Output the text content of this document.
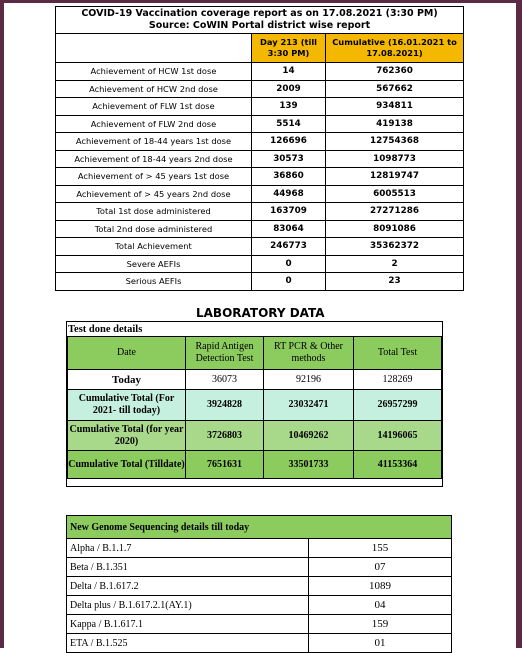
COVID-19 Vaccination coverage report as on 17.08.2021 (3:30 PM)
Source: CoWIN Portal district wise report		

	Day 213 (till 3:30 PM)	Cumulative (16.01.2021 to 17.08.2021)
Achievement of HCW 1st dose	14	762360
Achievement of HCW 2nd dose	2009	567662
Achievement of FLW 1st dose	139	934811
Achievement of FLW 2nd dose	5514	419138
Achievement of 18-44 years 1st dose	126696	12754368
Achievement of 18-44 years 2nd dose	30573	1098773
Achievement of > 45 years 1st dose	36860	12819747
Achievement of > 45 years 2nd dose	44968	6005513
Total 1st dose administered	163709	27271286
Total 2nd dose administered	83064	8091086
Total Achievement	246773	35362372
Severe AEFIs	0	2
Serious AEFIs	0	23
LABORATORY DATA
Test done details
Date	Rapid Antigen Detection Test	RT PCR & Other methods	Total Test
Today	36073	92196	128269
Cumulative Total (For 2021- till today)	3924828	23032471	26957299
Cumulative Total (for year 2020)	3726803	10469262	14196065
Cumulative Total (Tilldate)	7651631	33501733	41153364
New Genome Sequencing details till today	
Alpha / B.1.1.7	155
Beta / B.1.351	07
Delta / B.1.617.2	1089
Delta plus / B.1.617.2.1(AY.1)	04
Kappa / B.1.617.1	159
ETA / B.1.525	01
